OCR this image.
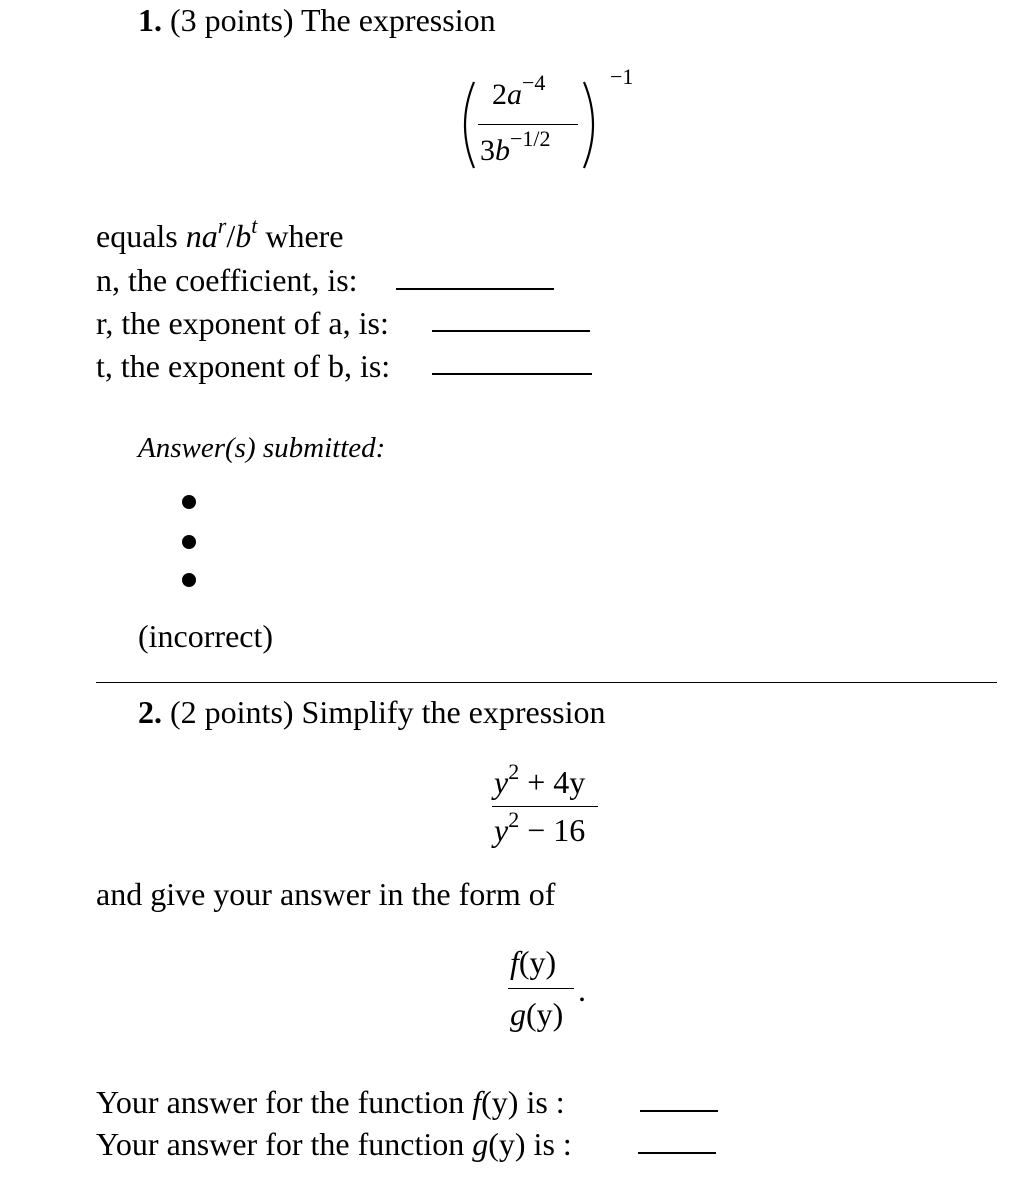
1. (3 points) The expression
$2a^{-4}$
$3b^{-1/2}$
−1
equals $na^r/b^t$ where
n, the coefficient, is:
r, the exponent of a, is:
t, the exponent of b, is:
Answer(s) submitted:
(incorrect)
2. (2 points) Simplify the expression
$y^2 + 4y$
$y^2 - 16$
and give your answer in the form of
f(y)
g(y)
.
Your answer for the function f(y) is :
Your answer for the function g(y) is :
